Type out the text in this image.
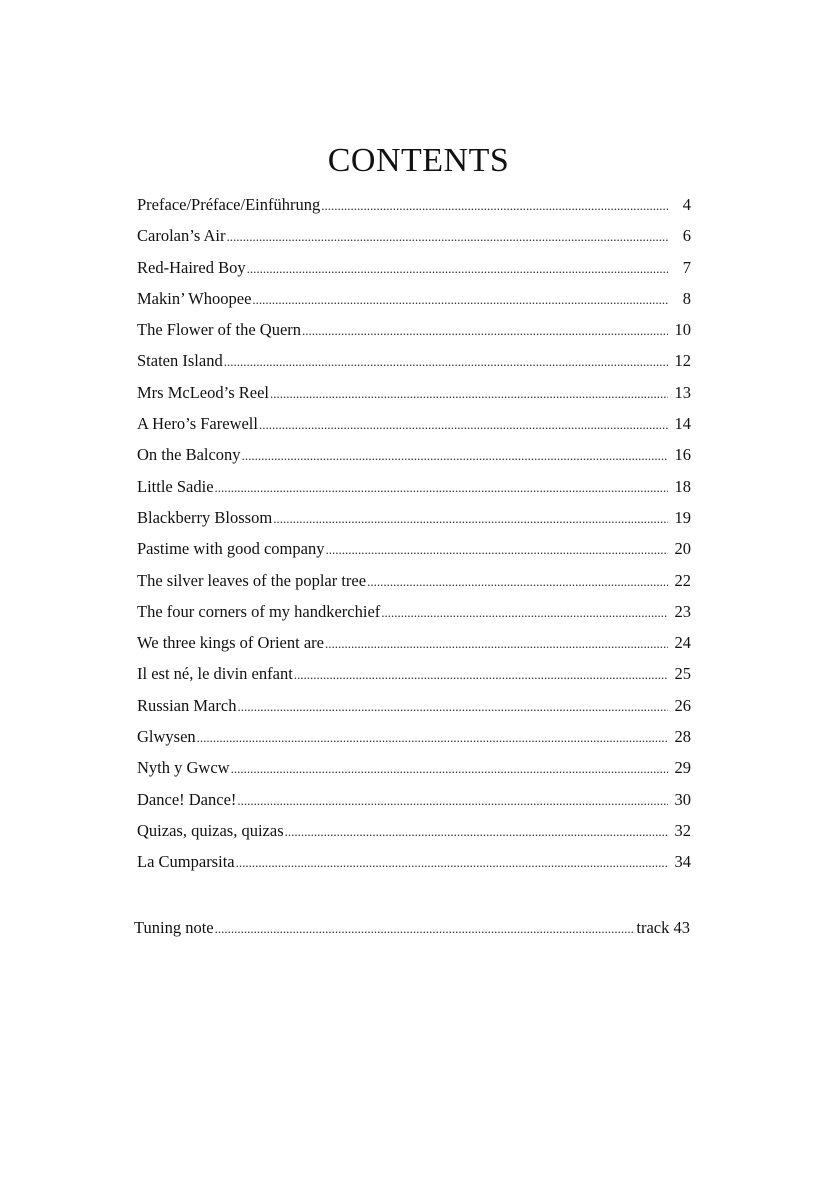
CONTENTS
Preface/Préface/Einführung .....	4
Carolan’s Air .....	6
Red-Haired Boy .....	7
Makin’ Whoopee .....	8
The Flower of the Quern .....	10
Staten Island .....	12
Mrs McLeod’s Reel .....	13
A Hero’s Farewell .....	14
On the Balcony .....	16
Little Sadie .....	18
Blackberry Blossom .....	19
Pastime with good company .....	20
The silver leaves of the poplar tree .....	22
The four corners of my handkerchief .....	23
We three kings of Orient are .....	24
Il est né, le divin enfant .....	25
Russian March .....	26
Glwysen .....	28
Nyth y Gwcw .....	29
Dance! Dance! .....	30
Quizas, quizas, quizas .....	32
La Cumparsita .....	34
Tuning note .....	track 43
